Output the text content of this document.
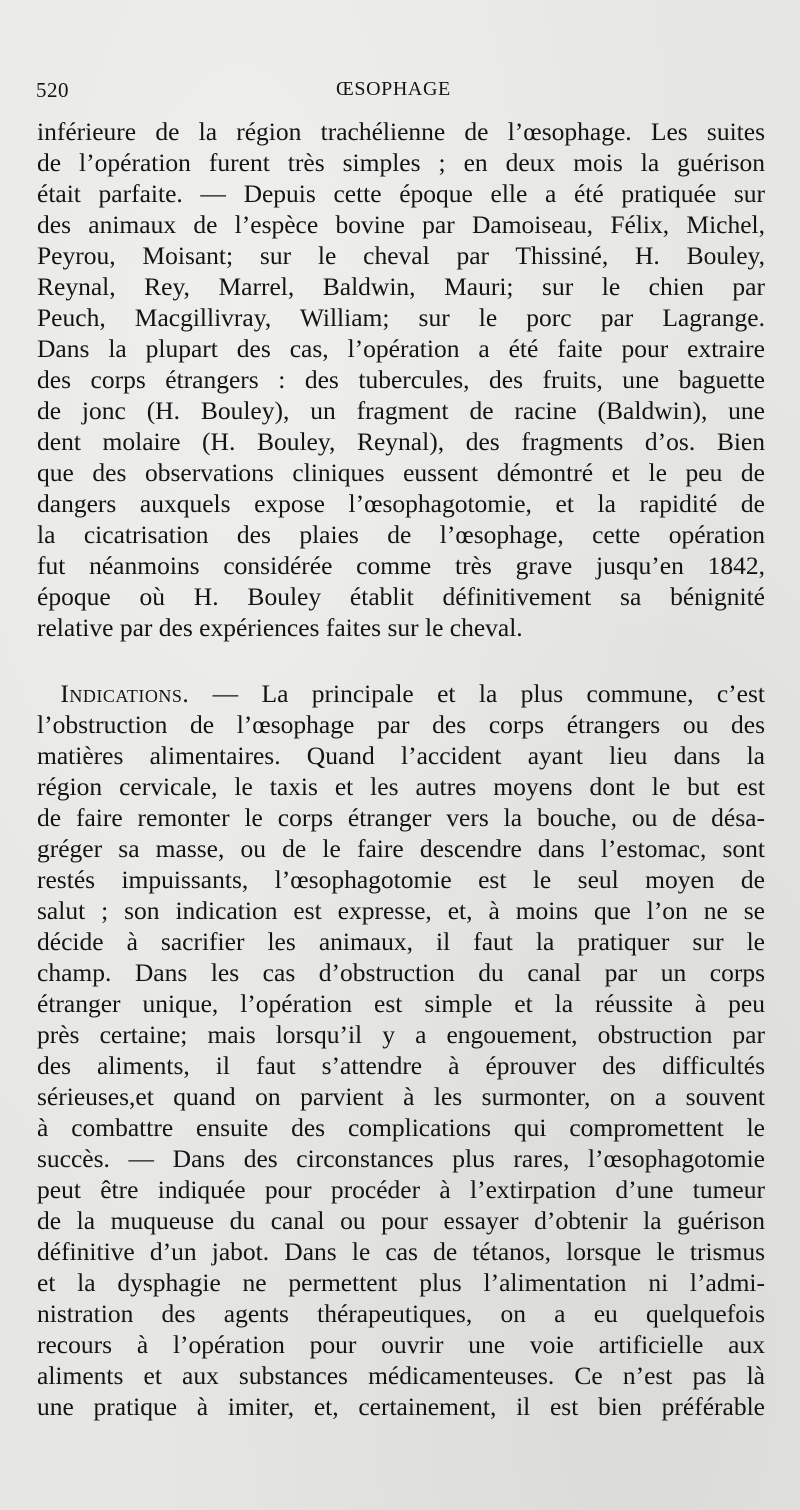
520	ŒSOPHAGE
inférieure de la région trachélienne de l’œsophage. Les suites
de l’opération furent très simples ; en deux mois la guérison
était parfaite. — Depuis cette époque elle a été pratiquée sur
des animaux de l’espèce bovine par Damoiseau, Félix, Michel,
Peyrou, Moisant; sur le cheval par Thissiné, H. Bouley,
Reynal, Rey, Marrel, Baldwin, Mauri; sur le chien par
Peuch, Macgillivray, William; sur le porc par Lagrange.
Dans la plupart des cas, l’opération a été faite pour extraire
des corps étrangers : des tubercules, des fruits, une baguette
de jonc (H. Bouley), un fragment de racine (Baldwin), une
dent molaire (H. Bouley, Reynal), des fragments d’os. Bien
que des observations cliniques eussent démontré et le peu de
dangers auxquels expose l’œsophagotomie, et la rapidité de
la cicatrisation des plaies de l’œsophage, cette opération
fut néanmoins considérée comme très grave jusqu’en 1842,
époque où H. Bouley établit définitivement sa bénignité
relative par des expériences faites sur le cheval.
Indications. — La principale et la plus commune, c’est
l’obstruction de l’œsophage par des corps étrangers ou des
matières alimentaires. Quand l’accident ayant lieu dans la
région cervicale, le taxis et les autres moyens dont le but est
de faire remonter le corps étranger vers la bouche, ou de désa-
gréger sa masse, ou de le faire descendre dans l’estomac, sont
restés impuissants, l’œsophagotomie est le seul moyen de
salut ; son indication est expresse, et, à moins que l’on ne se
décide à sacrifier les animaux, il faut la pratiquer sur le
champ. Dans les cas d’obstruction du canal par un corps
étranger unique, l’opération est simple et la réussite à peu
près certaine; mais lorsqu’il y a engouement, obstruction par
des aliments, il faut s’attendre à éprouver des difficultés
sérieuses,et quand on parvient à les surmonter, on a souvent
à combattre ensuite des complications qui compromettent le
succès. — Dans des circonstances plus rares, l’œsophagotomie
peut être indiquée pour procéder à l’extirpation d’une tumeur
de la muqueuse du canal ou pour essayer d’obtenir la guérison
définitive d’un jabot. Dans le cas de tétanos, lorsque le trismus
et la dysphagie ne permettent plus l’alimentation ni l’admi-
nistration des agents thérapeutiques, on a eu quelquefois
recours à l’opération pour ouvrir une voie artificielle aux
aliments et aux substances médicamenteuses. Ce n’est pas là
une pratique à imiter, et, certainement, il est bien préférable
